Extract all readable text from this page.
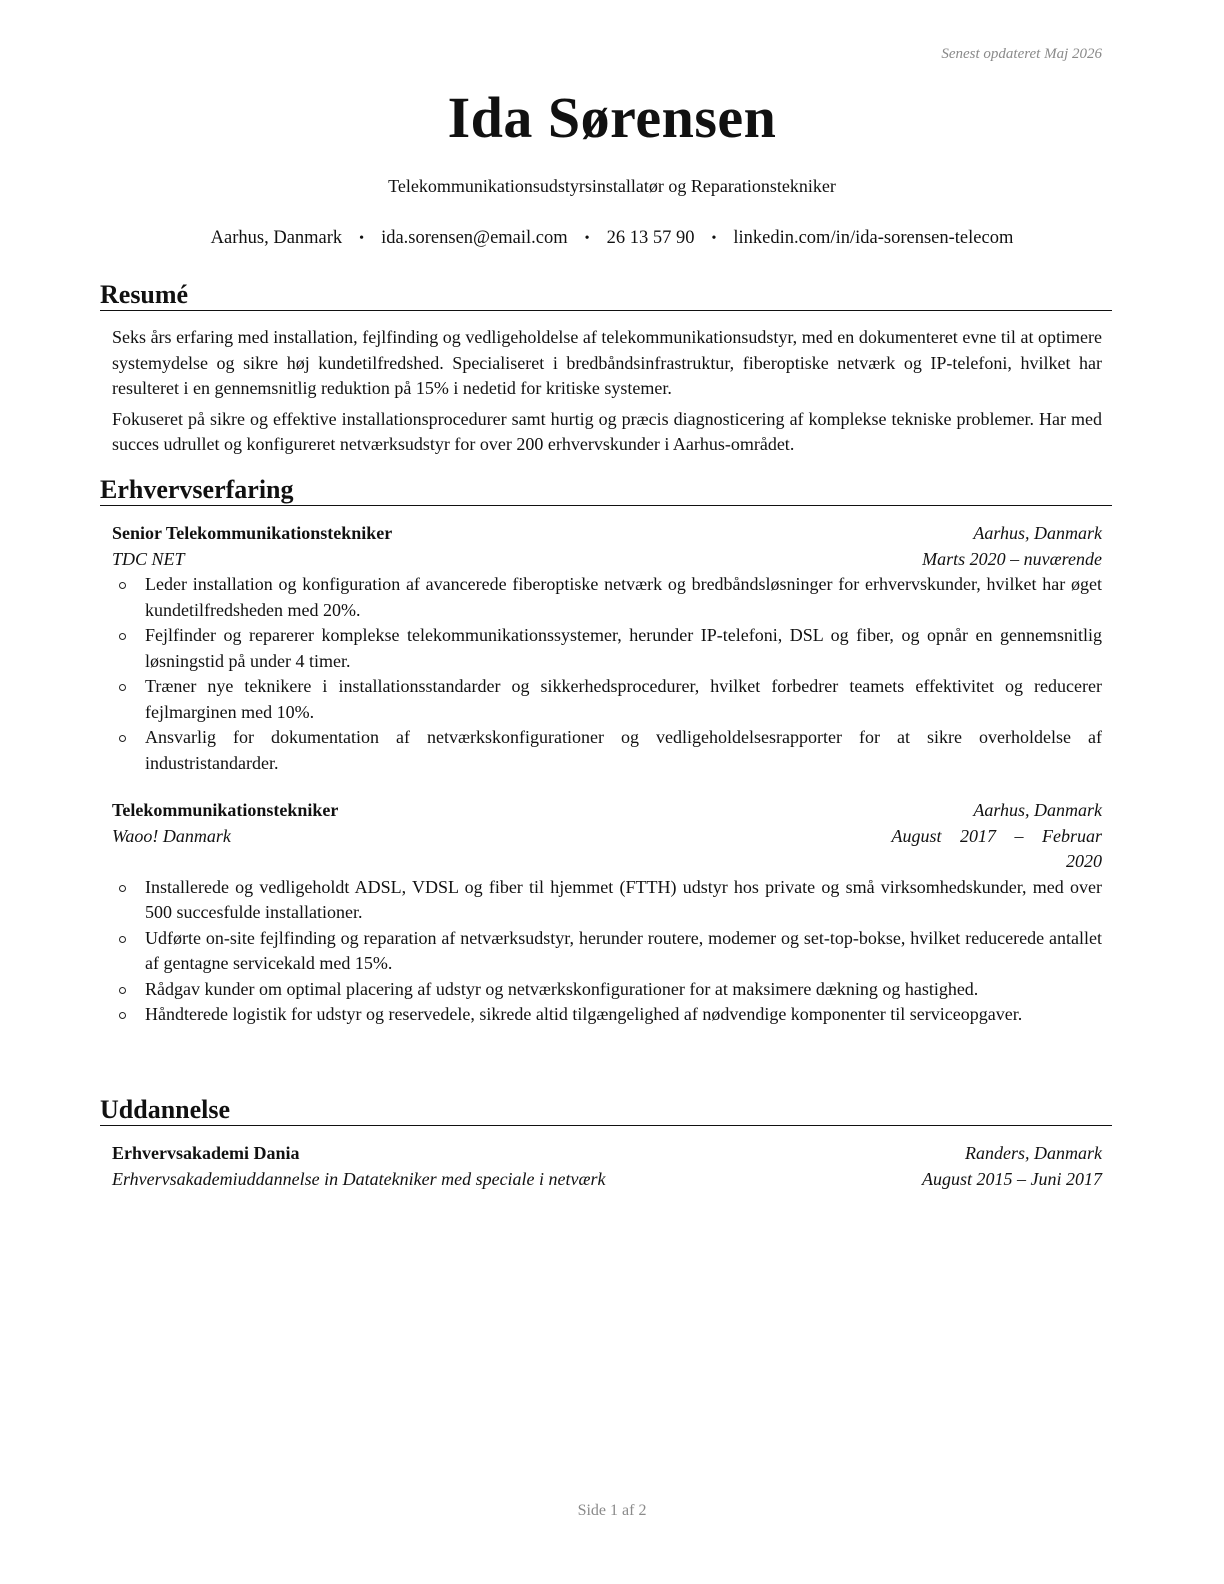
Senest opdateret Maj 2026
Ida Sørensen
Telekommunikationsudstyrsinstallatør og Reparationstekniker
Aarhus, Danmark • ida.sorensen@email.com • 26 13 57 90 • linkedin.com/in/ida-sorensen-telecom
Resumé

Seks års erfaring med installation, fejlfinding og vedligeholdelse af telekommunikationsudstyr, med en dokumenteret evne til at optimere systemydelse og sikre høj kundetilfredshed. Specialiseret i bredbåndsinfrastruktur, fiberoptiske netværk og IP-telefoni, hvilket har resulteret i en gennemsnitlig reduktion på 15% i nedetid for kritiske systemer.

Fokuseret på sikre og effektive installationsprocedurer samt hurtig og præcis diagnosticering af komplekse tekniske problemer. Har med succes udrullet og konfigureret netværksudstyr for over 200 erhvervskunder i Aarhus-området.

Erhvervserfaring
Senior Telekommunikationstekniker	Aarhus, Danmark
TDC NET	Marts 2020 – nuværende
Leder installation og konfiguration af avancerede fiberoptiske netværk og bredbåndsløsninger for erhvervskunder, hvilket har øget kundetilfredsheden med 20%.
Fejlfinder og reparerer komplekse telekommunikationssystemer, herunder IP-telefoni, DSL og fiber, og opnår en gennemsnitlig løsningstid på under 4 timer.
Træner nye teknikere i installationsstandarder og sikkerhedsprocedurer, hvilket forbedrer teamets effektivitet og reducerer fejlmarginen med 10%.
Ansvarlig for dokumentation af netværkskonfigurationer og vedligeholdelsesrapporter for at sikre overholdelse af industristandarder.
Telekommunikationstekniker	Aarhus, Danmark
Waoo! Danmark	August 2017 – Februar
2020
Installerede og vedligeholdt ADSL, VDSL og fiber til hjemmet (FTTH) udstyr hos private og små virksomhedskunder, med over 500 succesfulde installationer.
Udførte on-site fejlfinding og reparation af netværksudstyr, herunder routere, modemer og set-top-bokse, hvilket reducerede antallet af gentagne servicekald med 15%.
Rådgav kunder om optimal placering af udstyr og netværkskonfigurationer for at maksimere dækning og hastighed.
Håndterede logistik for udstyr og reservedele, sikrede altid tilgængelighed af nødvendige komponenter til serviceopgaver.
Uddannelse
Erhvervsakademi Dania	Randers, Danmark
Erhvervsakademiuddannelse in Datatekniker med speciale i netværk	August 2015 – Juni 2017
Side 1 af 2
